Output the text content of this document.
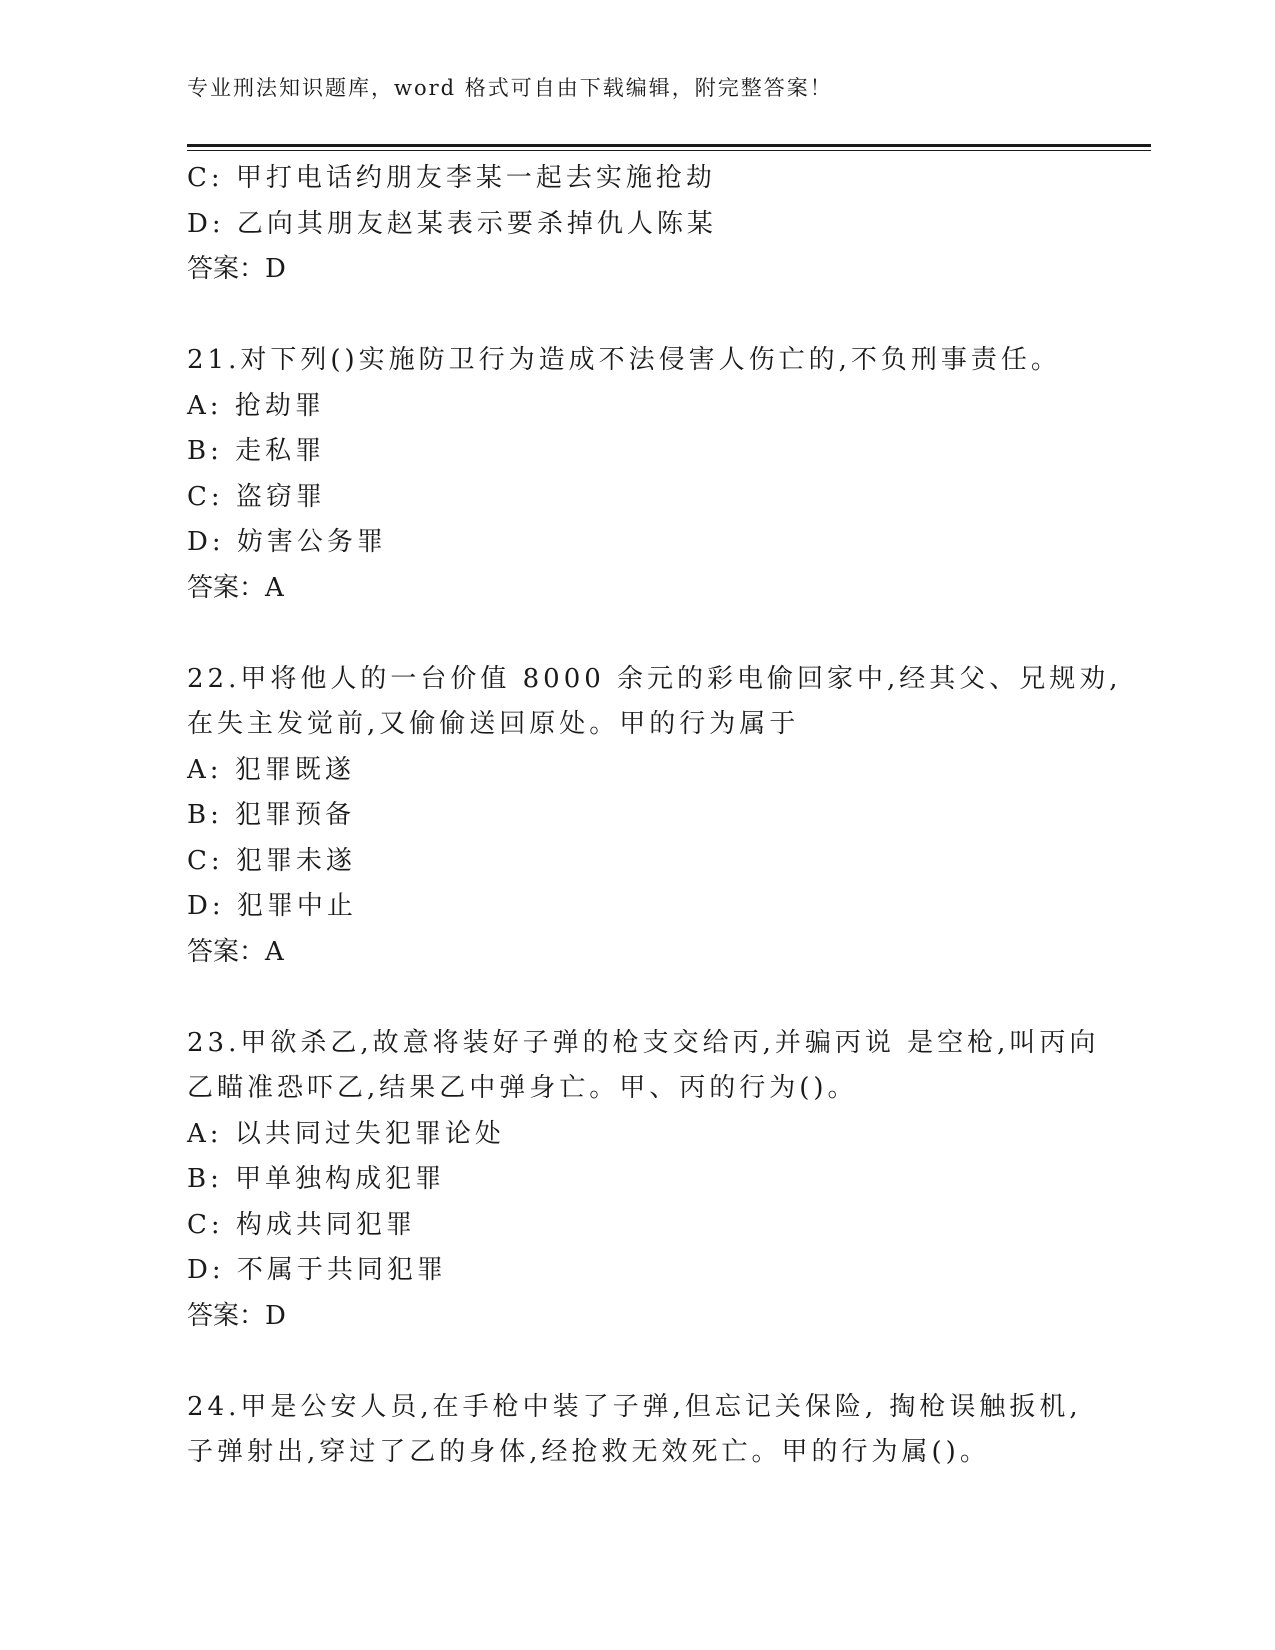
专业刑法知识题库，word 格式可自由下载编辑，附完整答案！
C: 甲打电话约朋友李某一起去实施抢劫
D: 乙向其朋友赵某表示要杀掉仇人陈某
答案：D
21.对下列()实施防卫行为造成不法侵害人伤亡的,不负刑事责任。
A: 抢劫罪
B: 走私罪
C: 盗窃罪
D: 妨害公务罪
答案：A
22.甲将他人的一台价值 8000 余元的彩电偷回家中,经其父、兄规劝,
在失主发觉前,又偷偷送回原处。甲的行为属于
A: 犯罪既遂
B: 犯罪预备
C: 犯罪未遂
D: 犯罪中止
答案：A
23.甲欲杀乙,故意将装好子弹的枪支交给丙,并骗丙说 是空枪,叫丙向
乙瞄准恐吓乙,结果乙中弹身亡。甲、丙的行为()。
A: 以共同过失犯罪论处
B: 甲单独构成犯罪
C: 构成共同犯罪
D: 不属于共同犯罪
答案：D
24.甲是公安人员,在手枪中装了子弹,但忘记关保险, 掏枪误触扳机,
子弹射出,穿过了乙的身体,经抢救无效死亡。甲的行为属()。
